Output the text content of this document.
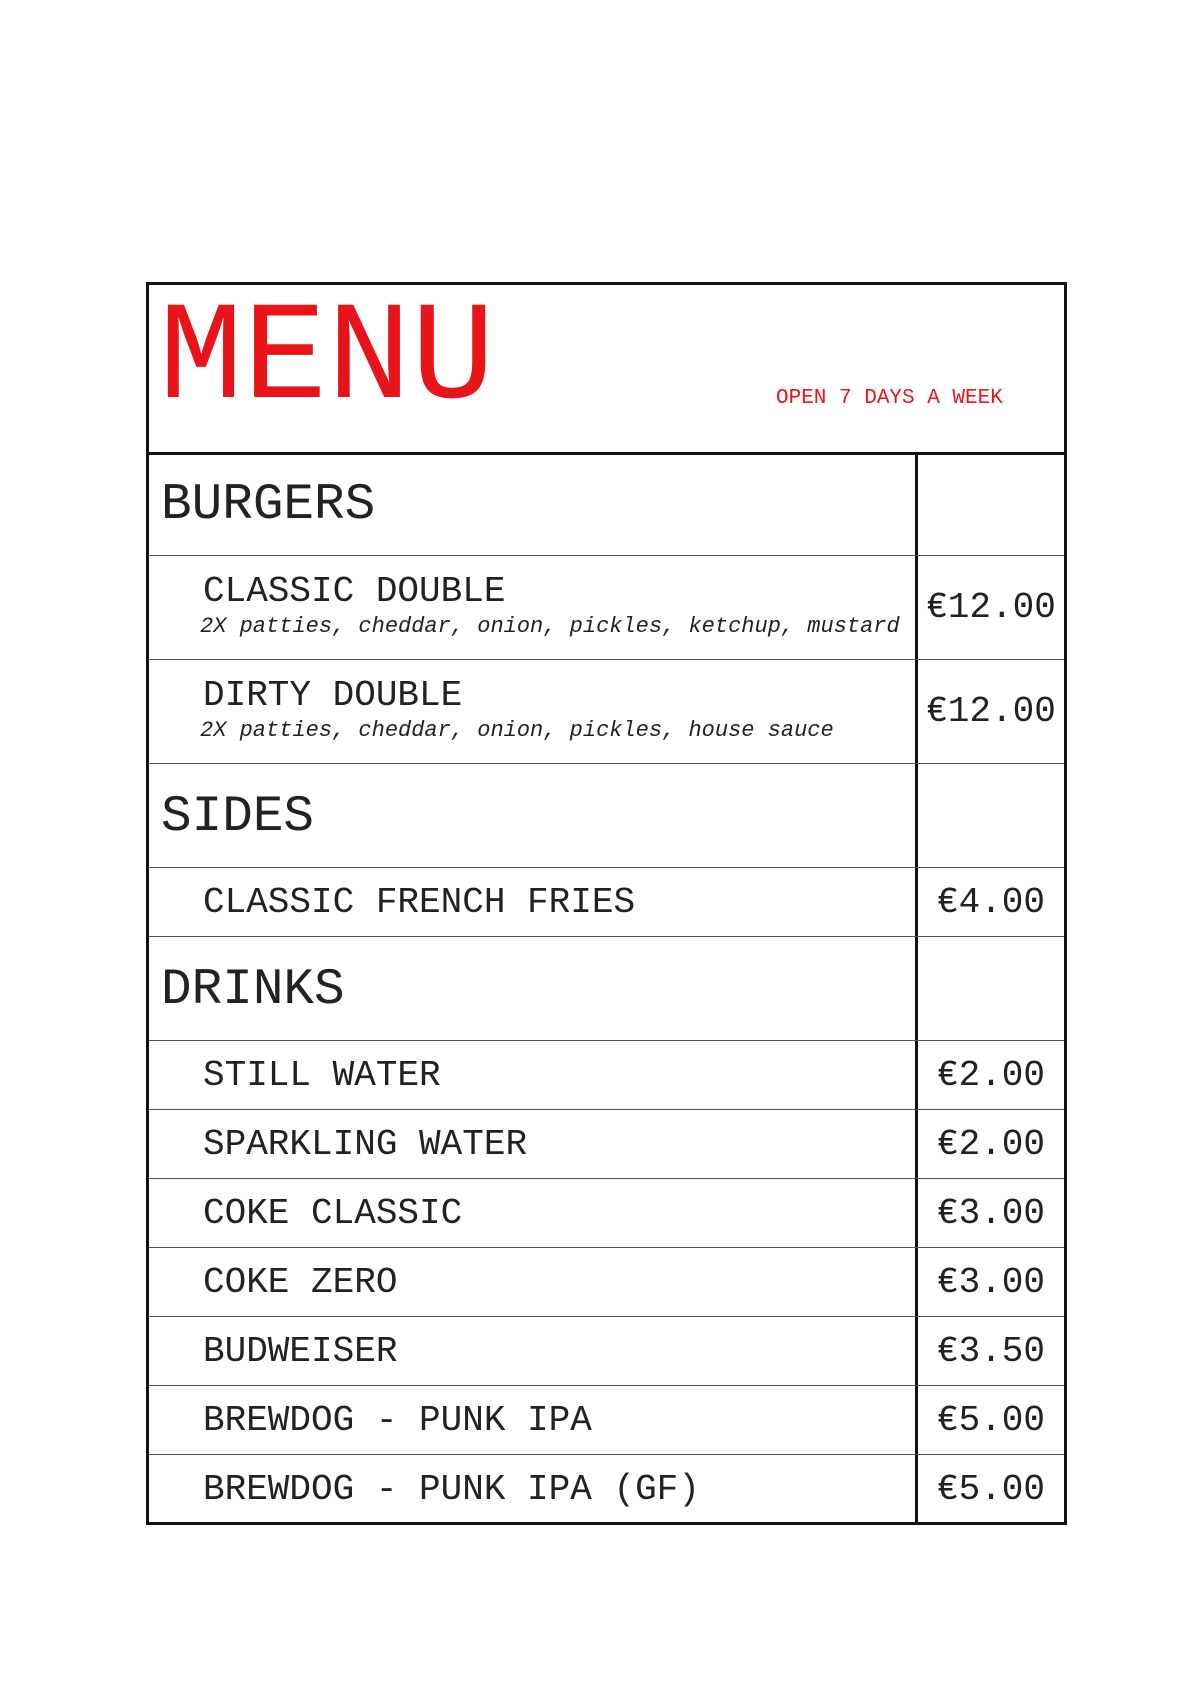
MENU	OPEN 7 DAYS A WEEK
BURGERS
CLASSIC DOUBLE
2X patties, cheddar, onion, pickles, ketchup, mustard €12.00
DIRTY DOUBLE
2X patties, cheddar, onion, pickles, house sauce	€12.00
SIDES
CLASSIC FRENCH FRIES	€4.00
DRINKS
STILL WATER	€2.00
SPARKLING WATER	€2.00
COKE CLASSIC	€3.00
COKE ZERO	€3.00
BUDWEISER	€3.50
BREWDOG - PUNK IPA	€5.00
BREWDOG - PUNK IPA (GF)	€5.00
